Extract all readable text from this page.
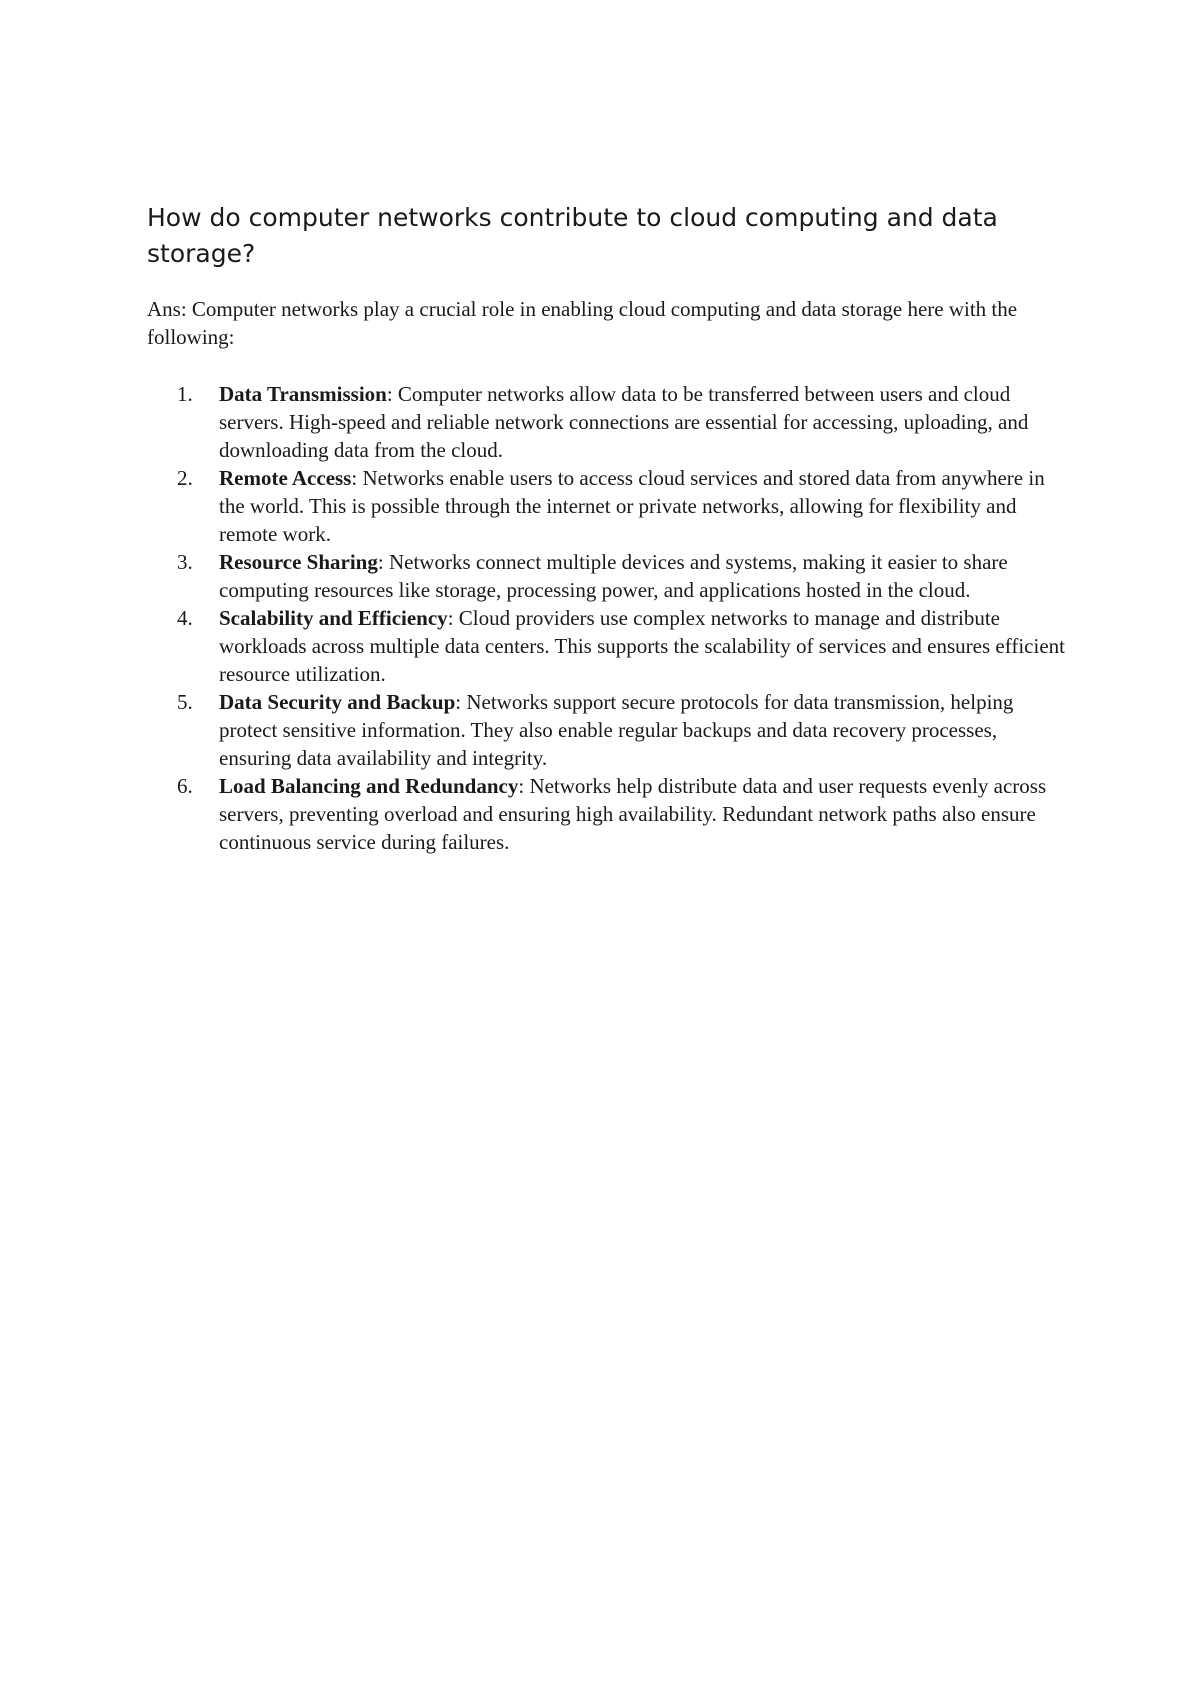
How do computer networks contribute to cloud computing and data storage?

Ans: Computer networks play a crucial role in enabling cloud computing and data storage here with the following:

1. Data Transmission: Computer networks allow data to be transferred between users and cloud servers. High-speed and reliable network connections are essential for accessing, uploading, and downloading data from the cloud.
2. Remote Access: Networks enable users to access cloud services and stored data from anywhere in the world. This is possible through the internet or private networks, allowing for flexibility and remote work.
3. Resource Sharing: Networks connect multiple devices and systems, making it easier to share computing resources like storage, processing power, and applications hosted in the cloud.
4. Scalability and Efficiency: Cloud providers use complex networks to manage and distribute workloads across multiple data centers. This supports the scalability of services and ensures efficient resource utilization.
5. Data Security and Backup: Networks support secure protocols for data transmission, helping protect sensitive information. They also enable regular backups and data recovery processes, ensuring data availability and integrity.
6. Load Balancing and Redundancy: Networks help distribute data and user requests evenly across servers, preventing overload and ensuring high availability. Redundant network paths also ensure continuous service during failures.
